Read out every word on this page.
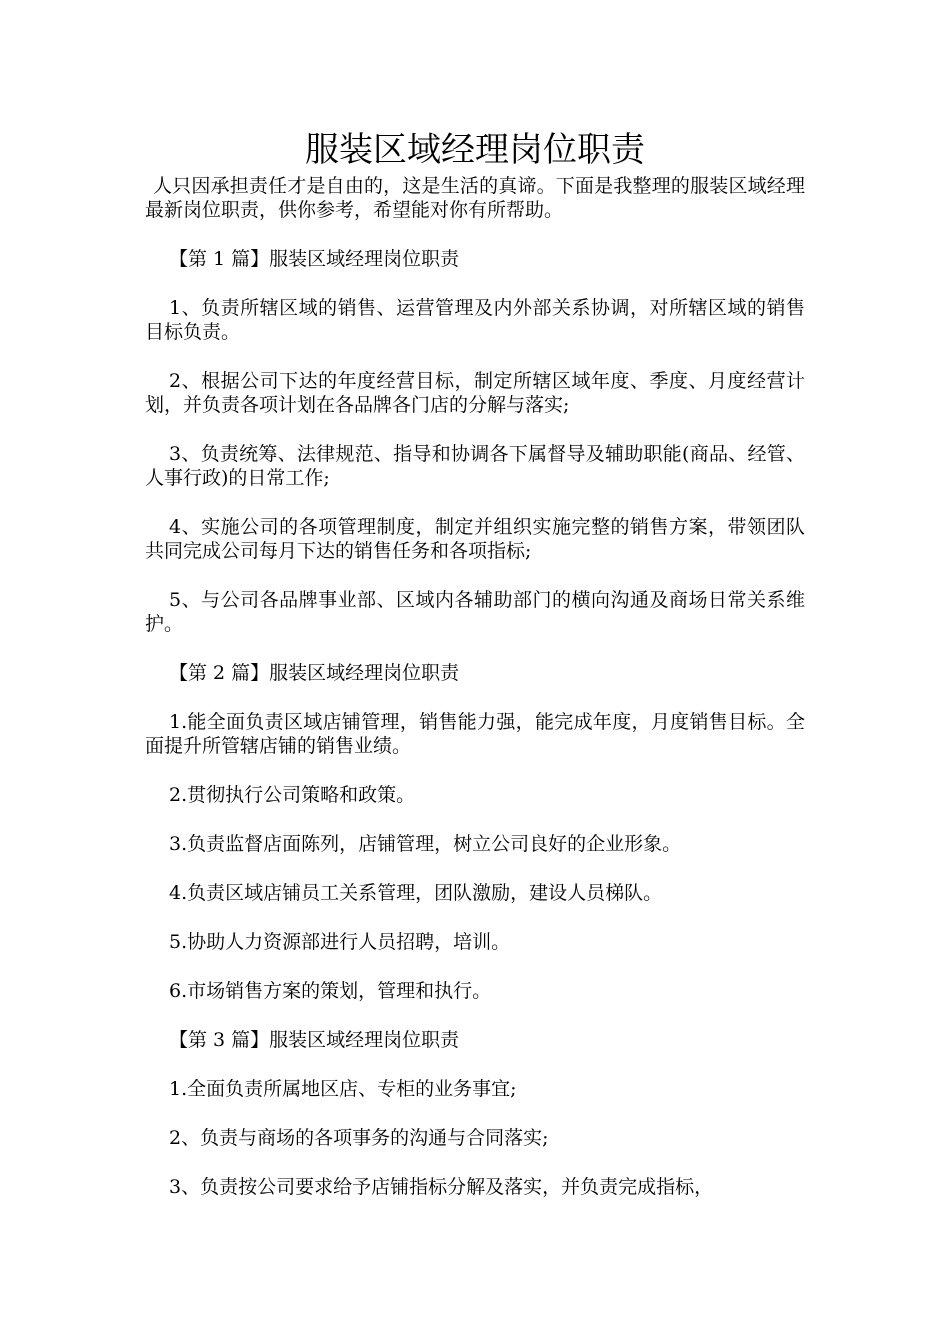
服装区域经理岗位职责

人只因承担责任才是自由的，这是生活的真谛。下面是我整理的服装区域经理最新岗位职责，供你参考，希望能对你有所帮助。

【第 1 篇】服装区域经理岗位职责

1、负责所辖区域的销售、运营管理及内外部关系协调，对所辖区域的销售目标负责。

2、根据公司下达的年度经营目标，制定所辖区域年度、季度、月度经营计划，并负责各项计划在各品牌各门店的分解与落实;

3、负责统筹、法律规范、指导和协调各下属督导及辅助职能(商品、经管、人事行政)的日常工作;

4、实施公司的各项管理制度，制定并组织实施完整的销售方案，带领团队共同完成公司每月下达的销售任务和各项指标;

5、与公司各品牌事业部、区域内各辅助部门的横向沟通及商场日常关系维护。

【第 2 篇】服装区域经理岗位职责

1.能全面负责区域店铺管理，销售能力强，能完成年度，月度销售目标。全面提升所管辖店铺的销售业绩。

2.贯彻执行公司策略和政策。

3.负责监督店面陈列，店铺管理，树立公司良好的企业形象。

4.负责区域店铺员工关系管理，团队激励，建设人员梯队。

5.协助人力资源部进行人员招聘，培训。

6.市场销售方案的策划，管理和执行。

【第 3 篇】服装区域经理岗位职责

1.全面负责所属地区店、专柜的业务事宜;

2、负责与商场的各项事务的沟通与合同落实;

3、负责按公司要求给予店铺指标分解及落实，并负责完成指标，
